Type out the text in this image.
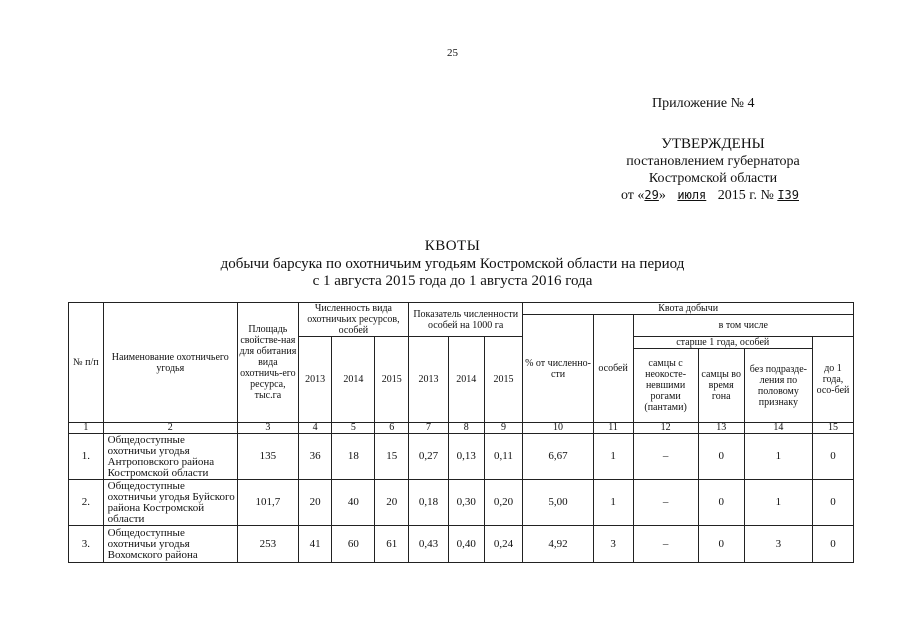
25
Приложение № 4
УТВЕРЖДЕНЫ
постановлением губернатора
Костромской области
от «29» июля 2015 г. № I39
КВОТЫ
добычи барсука по охотничьим угодьям Костромской области на период
с 1 августа 2015 года до 1 августа 2016 года
№ п/п	Наименование охотничьего угодья	Площадь свойстве-ная для обитания вида охотничь-его ресурса, тыс.га	Численность вида охотничьих ресурсов, особей			Показатель численности особей на 1000 га			Квота добычи					
									% от численно-сти	особей	в том числе			
			2013	2014	2015	2013	2014	2015			старше 1 года, особей			до 1 года, осо-бей
											самцы с неокосте-невшими рогами (пантами)	самцы во время гона	без подразде-ления по половому признаку	
1	2	3	4	5	6	7	8	9	10	11	12	13	14	15
1.	Общедоступные охотничьи угодья Антроповского района Костромской области	135	36	18	15	0,27	0,13	0,11	6,67	1	–	0	1	0
2.	Общедоступные охотничьи угодья Буйского района Костромской области	101,7	20	40	20	0,18	0,30	0,20	5,00	1	–	0	1	0
3.	Общедоступные охотничьи угодья Вохомского района	253	41	60	61	0,43	0,40	0,24	4,92	3	–	0	3	0
